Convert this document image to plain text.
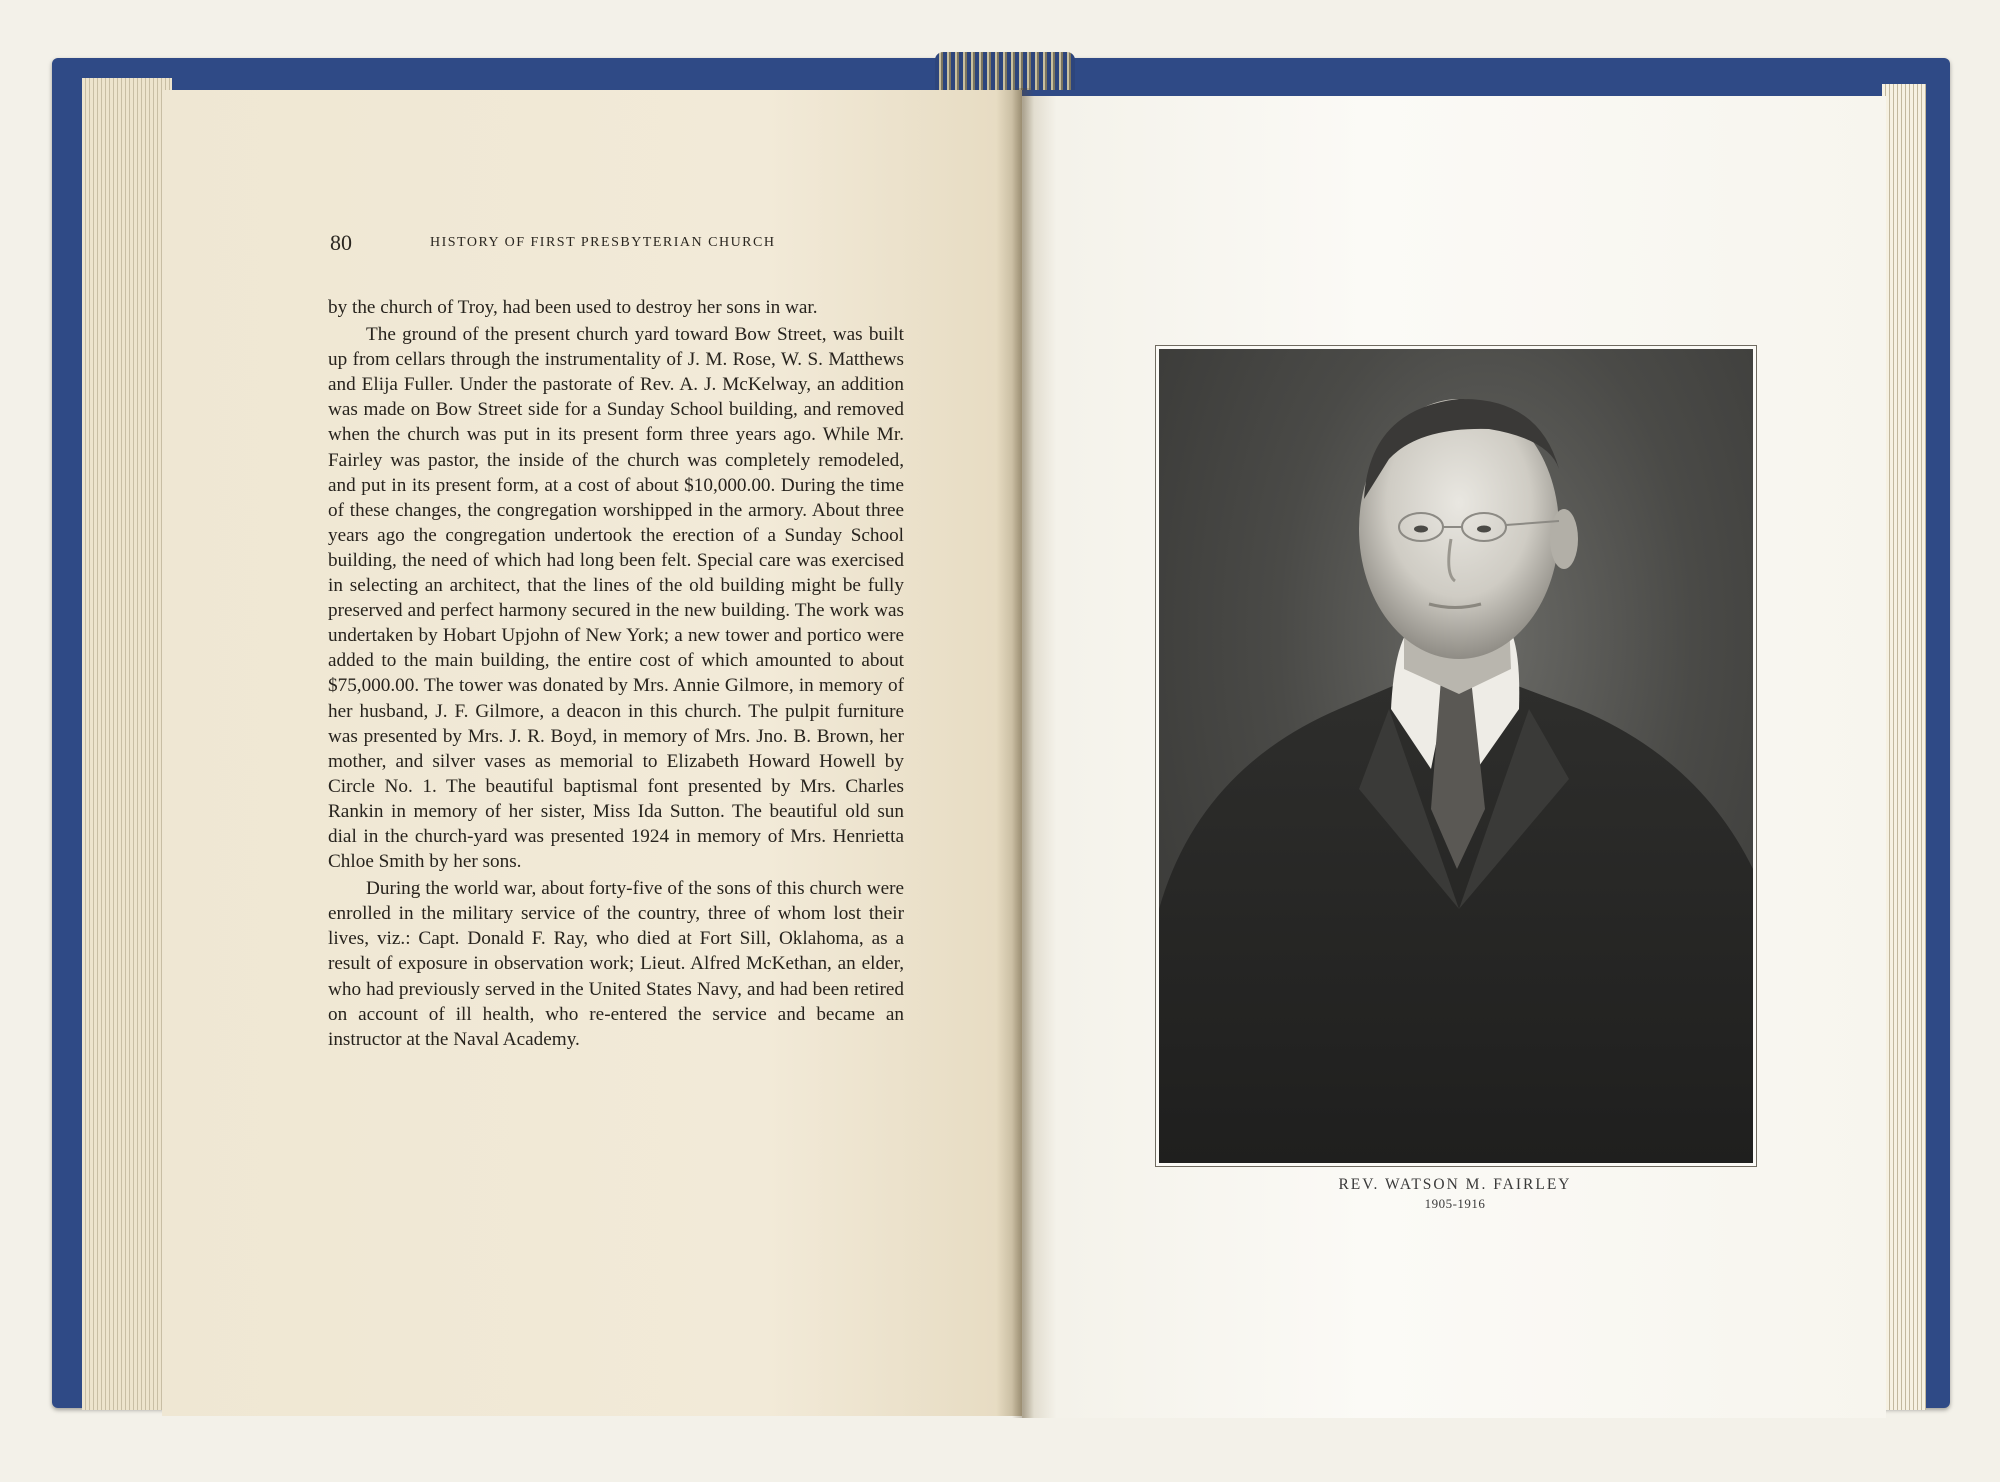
80	HISTORY OF FIRST PRESBYTERIAN CHURCH

by the church of Troy, had been used to destroy her sons in war.

The ground of the present church yard toward Bow Street, was built up from cellars through the instrumentality of J. M. Rose, W. S. Matthews and Elija Fuller. Under the pastorate of Rev. A. J. McKelway, an addition was made on Bow Street side for a Sunday School building, and removed when the church was put in its present form three years ago. While Mr. Fairley was pastor, the inside of the church was completely remodeled, and put in its present form, at a cost of about $10,000.00. During the time of these changes, the congregation worshipped in the armory. About three years ago the congregation undertook the erection of a Sunday School building, the need of which had long been felt. Special care was exercised in selecting an architect, that the lines of the old building might be fully preserved and perfect harmony secured in the new building. The work was undertaken by Hobart Upjohn of New York; a new tower and portico were added to the main building, the entire cost of which amounted to about $75,000.00. The tower was donated by Mrs. Annie Gilmore, in memory of her husband, J. F. Gilmore, a deacon in this church. The pulpit furniture was presented by Mrs. J. R. Boyd, in memory of Mrs. Jno. B. Brown, her mother, and silver vases as memorial to Elizabeth Howard Howell by Circle No. 1. The beautiful baptismal font presented by Mrs. Charles Rankin in memory of her sister, Miss Ida Sutton. The beautiful old sun dial in the church-yard was presented 1924 in memory of Mrs. Henrietta Chloe Smith by her sons.

During the world war, about forty-five of the sons of this church were enrolled in the military service of the country, three of whom lost their lives, viz.: Capt. Donald F. Ray, who died at Fort Sill, Oklahoma, as a result of exposure in observation work; Lieut. Alfred McKethan, an elder, who had previously served in the United States Navy, and had been retired on account of ill health, who re-entered the service and became an instructor at the Naval Academy.

REV. WATSON M. FAIRLEY
1905-1916
